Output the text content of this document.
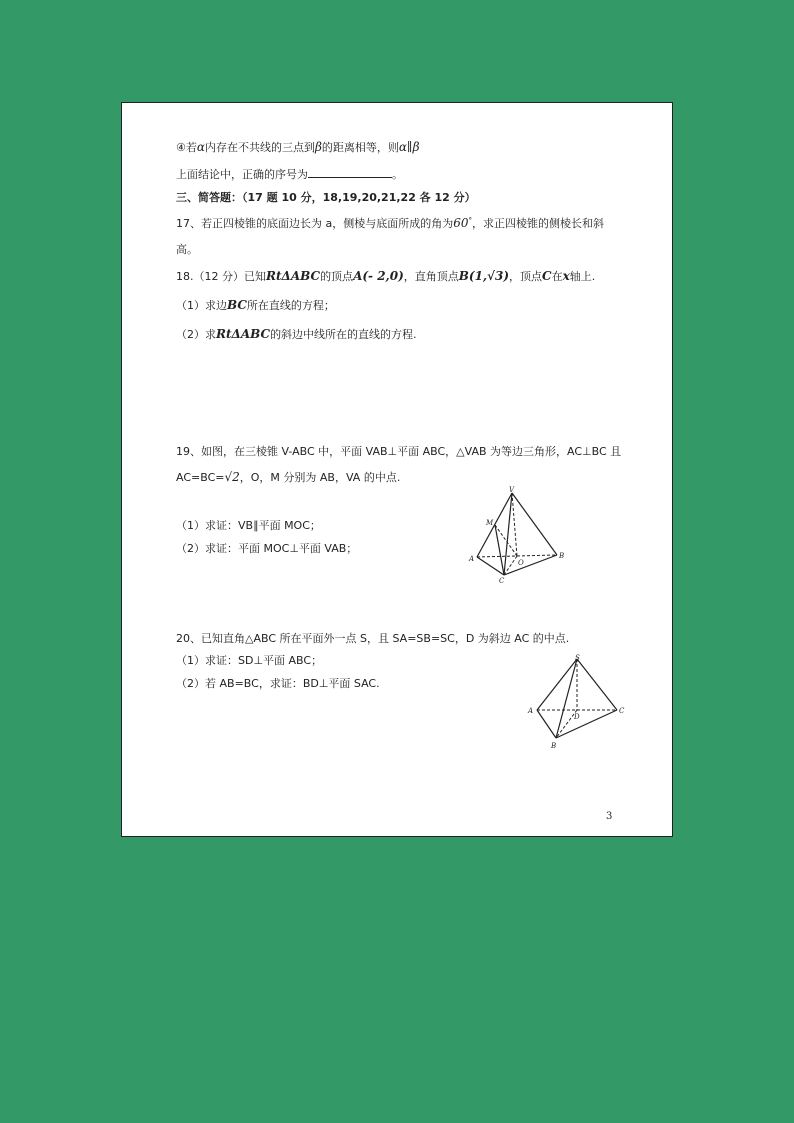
④若α内存在不共线的三点到β的距离相等，则α∥β
上面结论中，正确的序号为	。
三、简答题：（17 题 10 分，18,19,20,21,22 各 12 分）
17、若正四棱锥的底面边长为 a，侧棱与底面所成的角为60°，求正四棱锥的侧棱长和斜
高。
18.（12 分）已知RtΔABC的顶点A(- 2,0)，直角顶点B(1,√3)，顶点C在x轴上.
（1）求边BC所在直线的方程；
（2）求RtΔABC的斜边中线所在的直线的方程.
19、如图，在三棱锥 V-ABC 中，平面 VAB⊥平面 ABC，△VAB 为等边三角形，AC⊥BC 且
AC=BC=√2，O，M 分别为 AB，VA 的中点.
（1）求证：VB∥平面 MOC；
（2）求证：平面 MOC⊥平面 VAB；
V
M
A	B
C
O
20、已知直角△ABC 所在平面外一点 S，且 SA=SB=SC，D 为斜边 AC 的中点.
（1）求证：SD⊥平面 ABC；
（2）若 AB=BC，求证：BD⊥平面 SAC.
S
A	C
B
D
3
